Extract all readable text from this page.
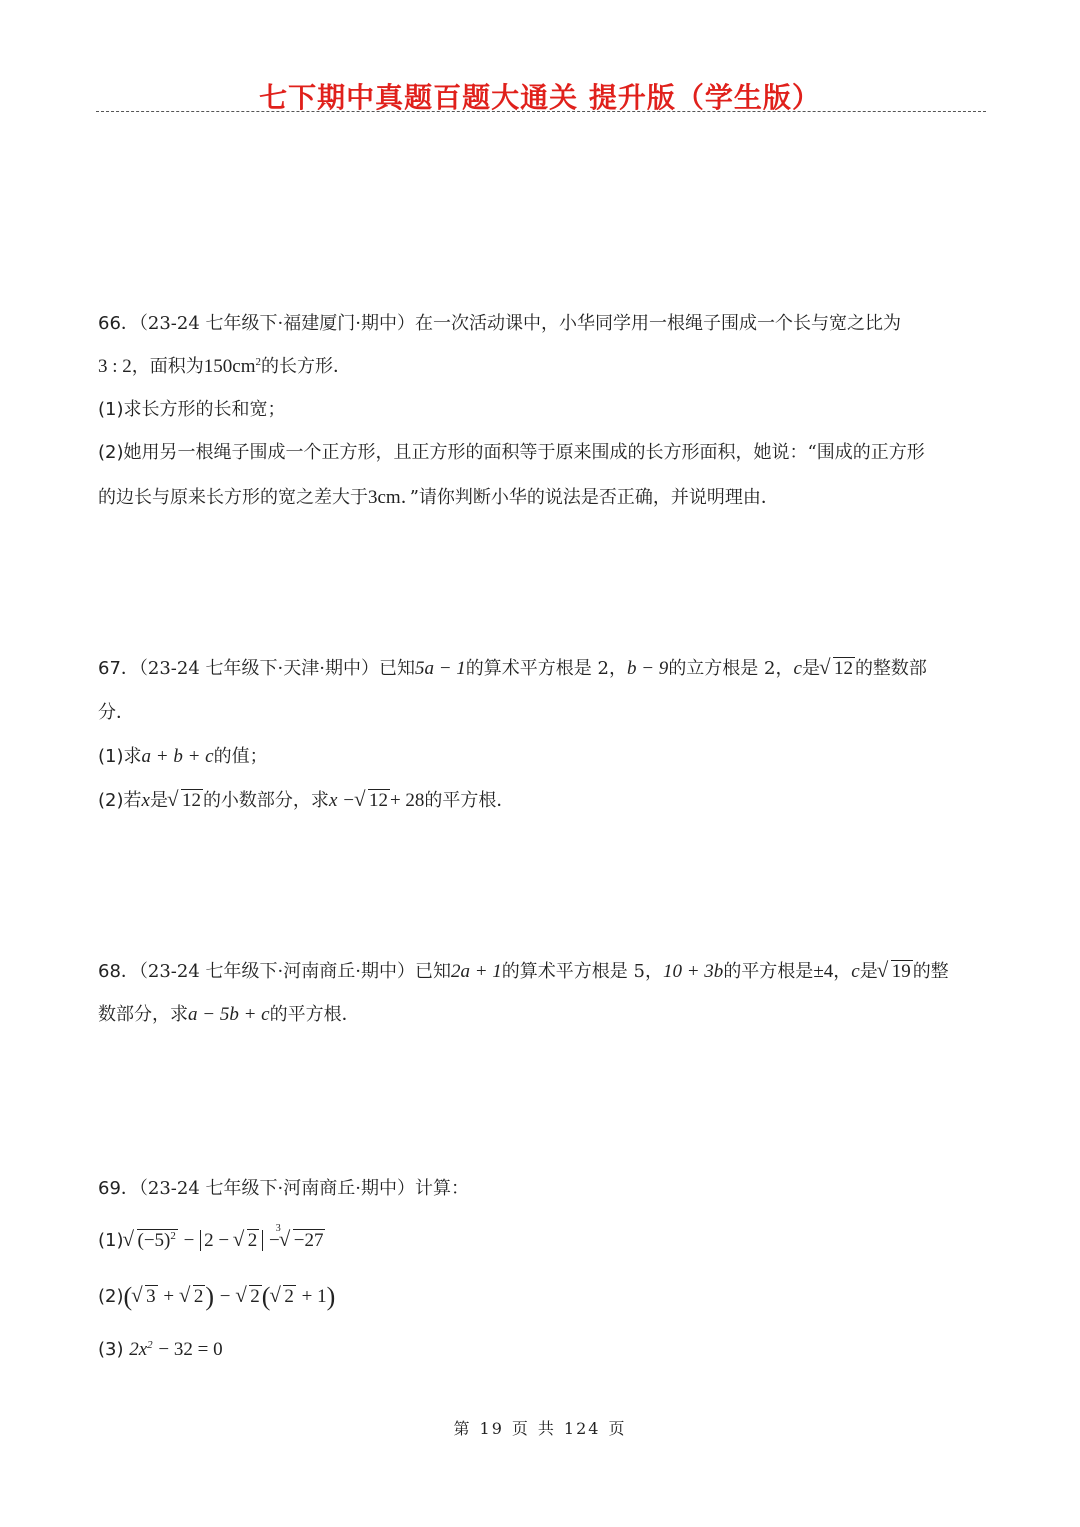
七下期中真题百题大通关 提升版（学生版）
66．（23-24 七年级下·福建厦门·期中）在一次活动课中，小华同学用一根绳子围成一个长与宽之比为
3 : 2，面积为$150cm^2$的长方形．
(1)求长方形的长和宽；
(2)她用另一根绳子围成一个正方形，且正方形的面积等于原来围成的长方形面积，她说：“围成的正方形
的边长与原来长方形的宽之差大于3cm．”请你判断小华的说法是否正确，并说明理由．
67．（23-24 七年级下·天津·期中）已知5a − 1的算术平方根是 2，b − 9的立方根是 2，c是 √ 12 的整数部
分．
(1)求a + b + c的值；
(2)若x是 √ 12 的小数部分，求x − √ 12 + 28的平方根．
68．（23-24 七年级下·河南商丘·期中）已知2a + 1的算术平方根是 5，10 + 3b的平方根是±4，c是 √ 19 的整
数部分，求a − 5b + c的平方根．
69．（23-24 七年级下·河南商丘·期中）计算：
(1) √ $(-5)^2 - 2$ − √ 2 −
√ 3
−27
(2)( √ 3 + √ 2) − √ 2( √ 2 + 1)
(3) $2x^2 - 32 = 0$
第 19 页 共 124 页
